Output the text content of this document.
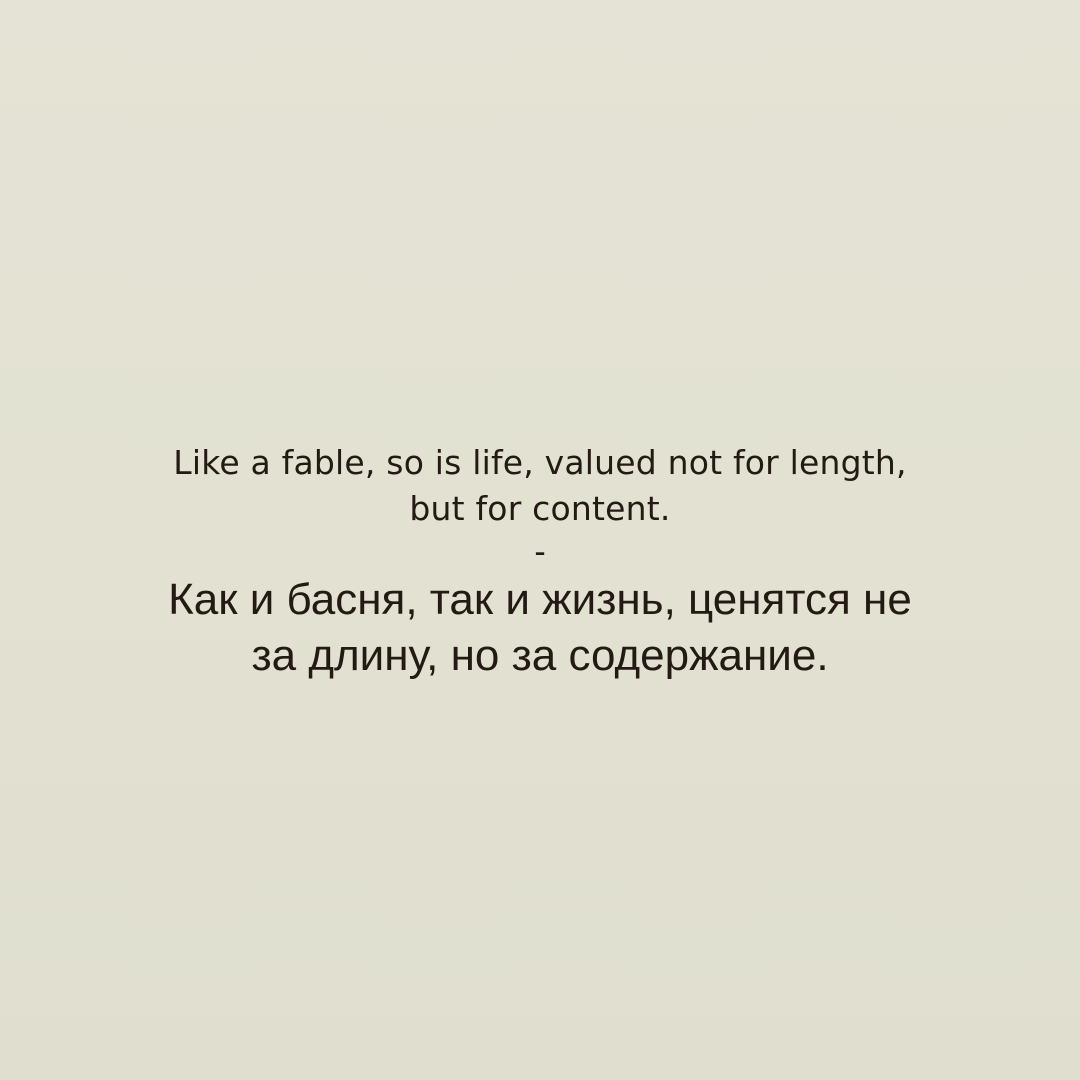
Like a fable, so is life, valued not for length,
but for content.

-

Как и басня, так и жизнь, ценятся не
за длину, но за содержание.
